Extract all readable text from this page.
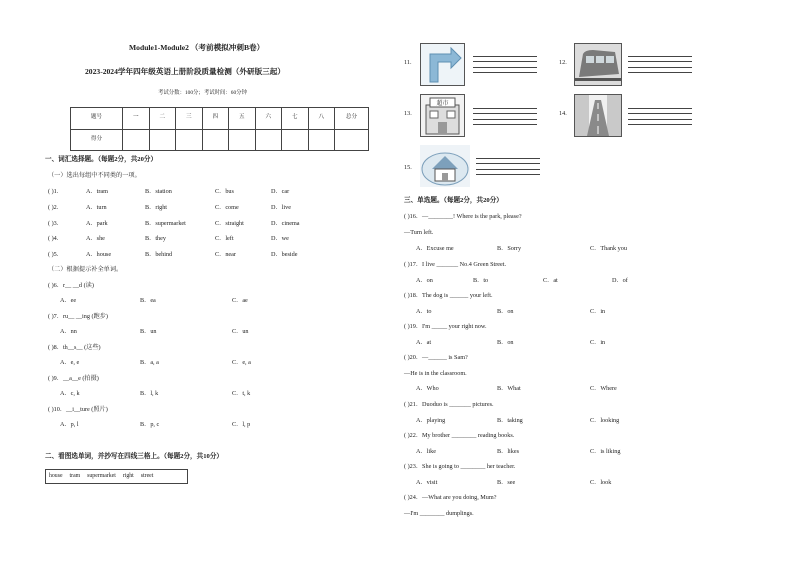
Module1-Module2 （考前模拟冲刺B卷）
2023-2024学年四年级英语上册阶段质量检测（外研版三起）
考试分数：100分；考试时间：60分钟
题号	一	二	三	四	五	六	七	八	总分
得分									
一、词汇选择题。（每题2分，共20分）
（一）选出每组中不同类的一项。
( )1.	A．tram	B．station	C．bus	D．car
( )2.	A．turn	B．right	C．come	D．live
( )3.	A．park	B．supermarket	C．straight	D．cinema
( )4.	A．she	B．they	C．left	D．we
( )5.	A．house	B．behind	C．near	D．beside
（二）根据提示补全单词。
( )6．r__ __d (读)
A．ee	B．ea	C．ae
( )7．ru__ __ing (跑步)
A．nn	B．un	C．un
( )8．th__s__ (这些)
A．e, e	B．a, a	C．e, a
( )9．__a__e (拍摄)
A．c, k	B．l, k	C．t, k
( )10．__i__ture (照片)
A．p, l	B．p, c	C．l, p
二、看图选单词，并抄写在四线三格上。（每题2分，共10分）
house tram supermarket right street
11.	12.
13.
超市
14.
15.
三、单选题。（每题2分，共20分）
( )16．—________! Where is the park, please?
—Turn left.
A．Excuse me	B．Sorry	C．Thank you
( )17．I live _______ No.4 Green Street.
A．on	B．to	C．at	D．of
( )18．The dog is ______ your left.
A．to	B．on	C．in
( )19．I'm _____ your right now.
A．at	B．on	C．in
( )20．—______ is Sam?
—He is in the classroom.
A．Who	B．What	C．Where
( )21．Duoduo is _______ pictures.
A．playing	B．taking	C．looking
( )22．My brother ________ reading books.
A．like	B．likes	C．is liking
( )23．She is going to ________ her teacher.
A．visit	B．see	C．look
( )24．—What are you doing, Mum?
—I'm ________ dumplings.
